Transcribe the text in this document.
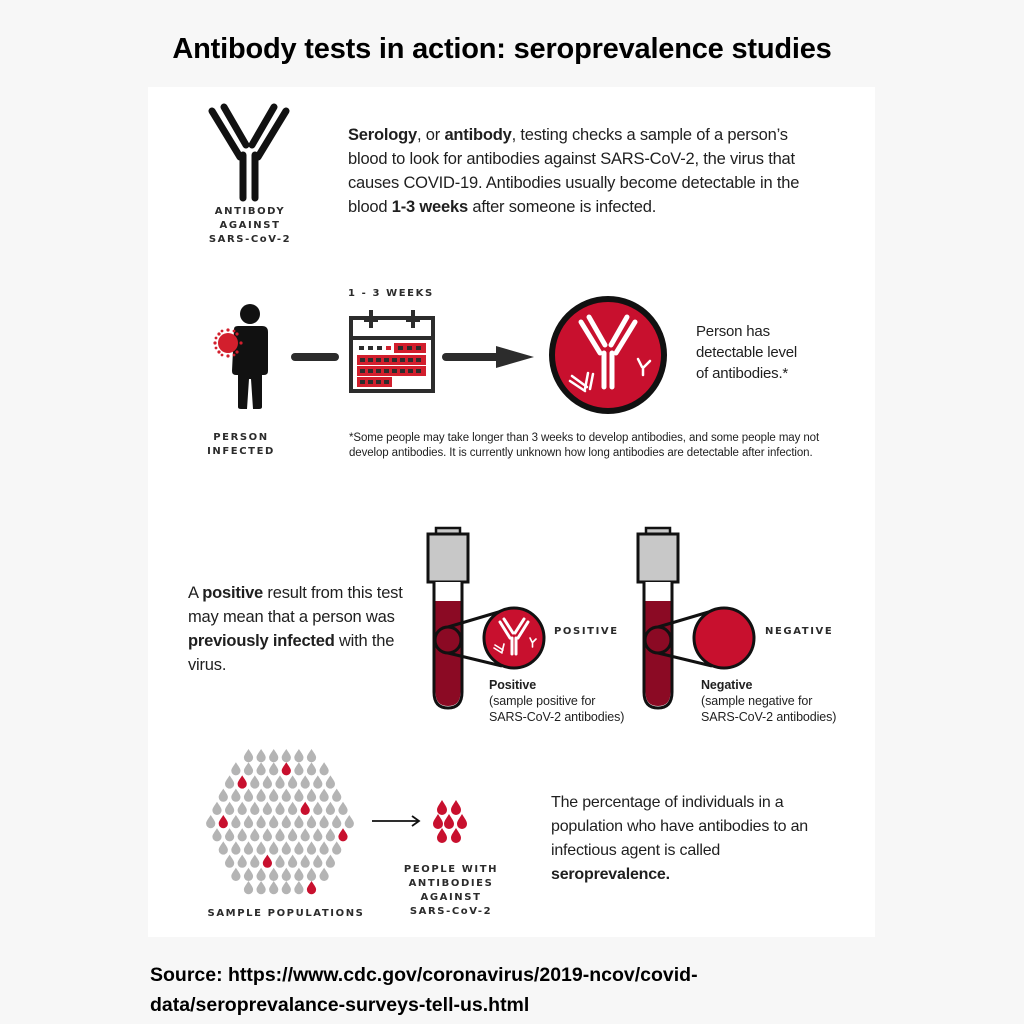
Antibody tests in action: seroprevalence studies
ANTIBODY
AGAINST
SARS-CoV-2
Serology, or antibody, testing checks a sample of a person’s blood to look for antibodies against SARS-CoV-2, the virus that causes COVID-19. Antibodies usually become detectable in the blood 1-3 weeks after someone is infected.
PERSON
INFECTED
1 - 3 WEEKS
Person has
detectable level
of antibodies.*
*Some people may take longer than 3 weeks to develop antibodies, and some people may not develop antibodies. It is currently unknown how long antibodies are detectable after infection.
A positive result from this test may mean that a person was previously infected with the virus.
POSITIVE
Positive
(sample positive for
SARS-CoV-2 antibodies)
NEGATIVE
Negative
(sample negative for
SARS-CoV-2 antibodies)
SAMPLE POPULATIONS
PEOPLE WITH
ANTIBODIES
AGAINST
SARS-CoV-2
The percentage of individuals in a population who have antibodies to an infectious agent is called seroprevalence.
Source: https://www.cdc.gov/coronavirus/2019-ncov/covid-
data/seroprevalance-surveys-tell-us.html
